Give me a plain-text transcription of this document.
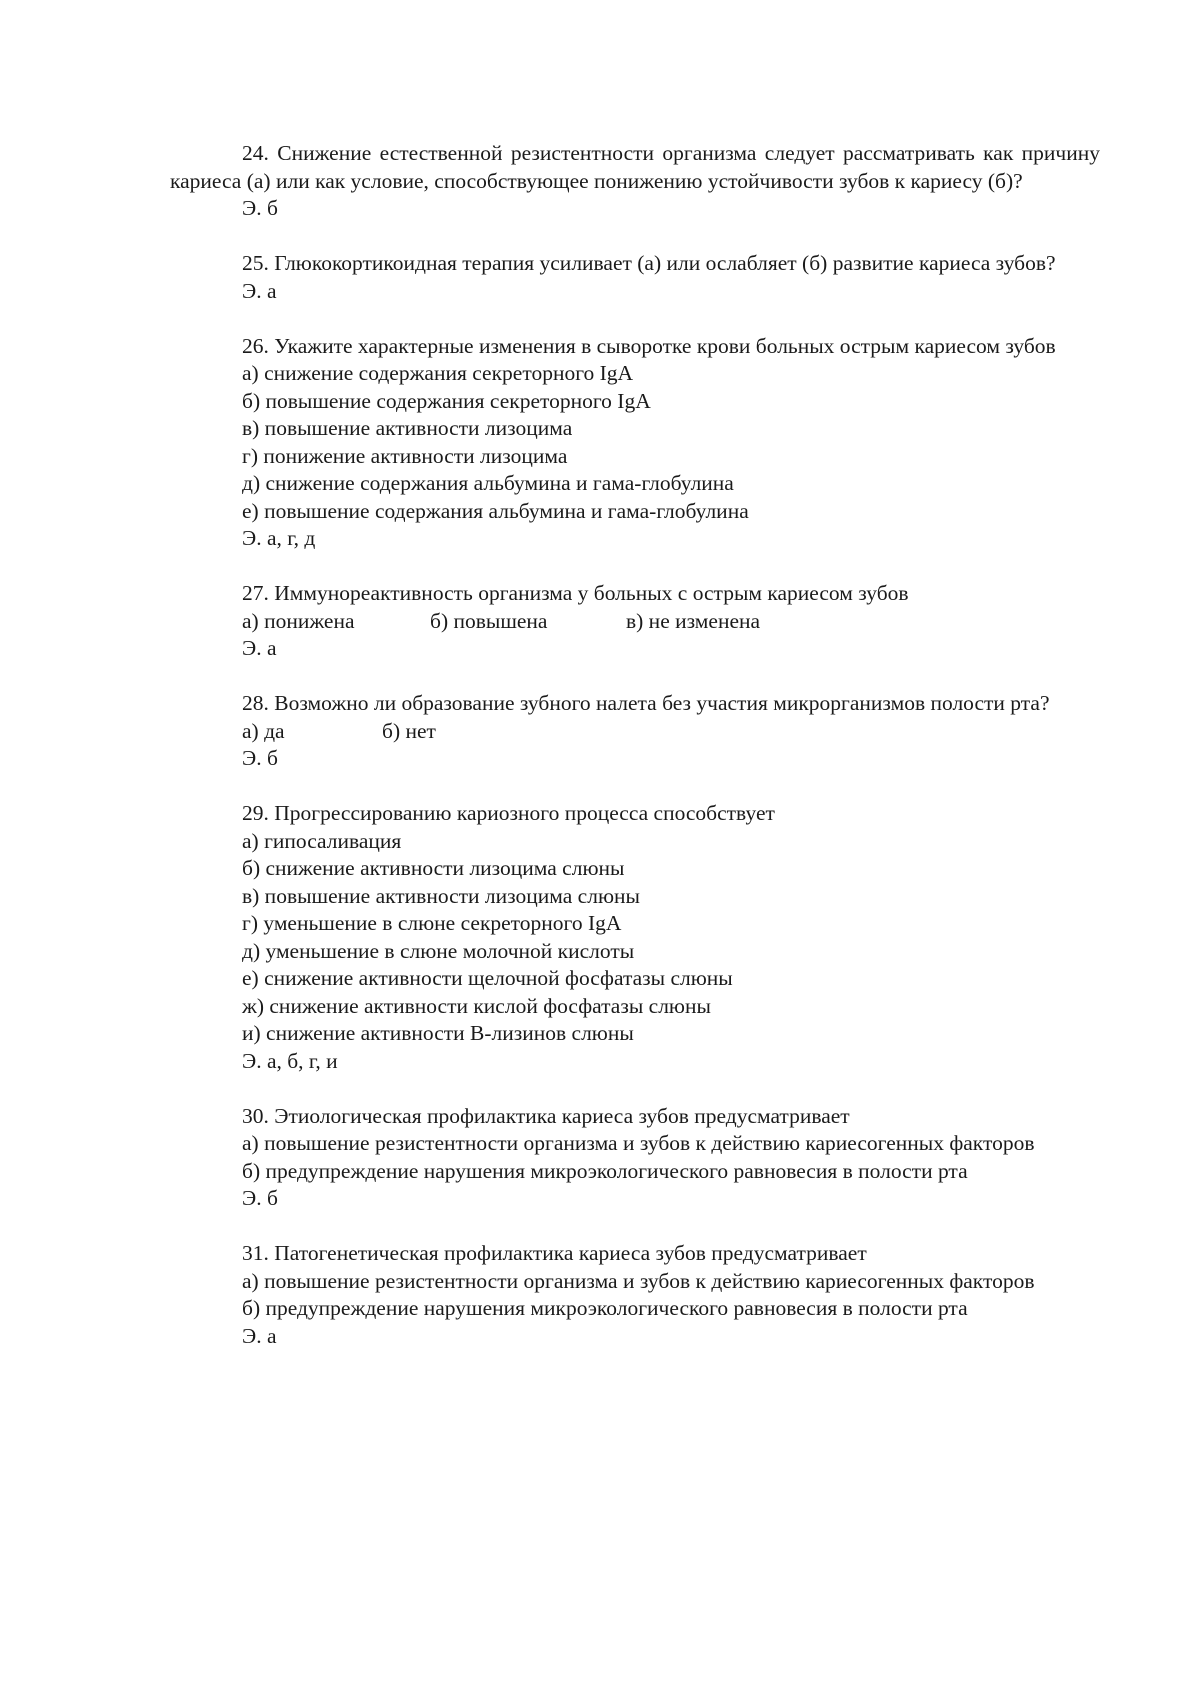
24. Снижение естественной резистентности организма следует рассматривать как причину кариеса (а) или как условие, способствующее понижению устойчивости зубов к кариесу (б)?

Э. б

25. Глюкокортикоидная терапия усиливает (а) или ослабляет (б) развитие кариеса зубов?

Э. а

26. Укажите характерные изменения в сыворотке крови больных острым кариесом зубов

а) снижение содержания секреторного IgA

б) повышение содержания секреторного IgA

в) повышение активности лизоцима

г) понижение активности лизоцима

д) снижение содержания альбумина и гама-глобулина

е) повышение содержания альбумина и гама-глобулина

Э. а, г, д

27. Иммунореактивность организма у больных с острым кариесом зубов

а) понижена	б) повышена	в) не изменена

Э. а

28. Возможно ли образование зубного налета без участия микрорганизмов полости рта?

а) да	б) нет

Э. б

29. Прогрессированию кариозного процесса способствует

а) гипосаливация

б) снижение активности лизоцима слюны

в) повышение активности лизоцима слюны

г) уменьшение в слюне секреторного IgA

д) уменьшение в слюне молочной кислоты

е) снижение активности щелочной фосфатазы слюны

ж) снижение активности кислой фосфатазы слюны

и) снижение активности В-лизинов слюны

Э. а, б, г, и

30. Этиологическая профилактика кариеса зубов предусматривает

а) повышение резистентности организма и зубов к действию кариесогенных факторов

б) предупреждение нарушения микроэкологического равновесия в полости рта

Э. б

31. Патогенетическая профилактика кариеса зубов предусматривает

а) повышение резистентности организма и зубов к действию кариесогенных факторов

б) предупреждение нарушения микроэкологического равновесия в полости рта

Э. а
